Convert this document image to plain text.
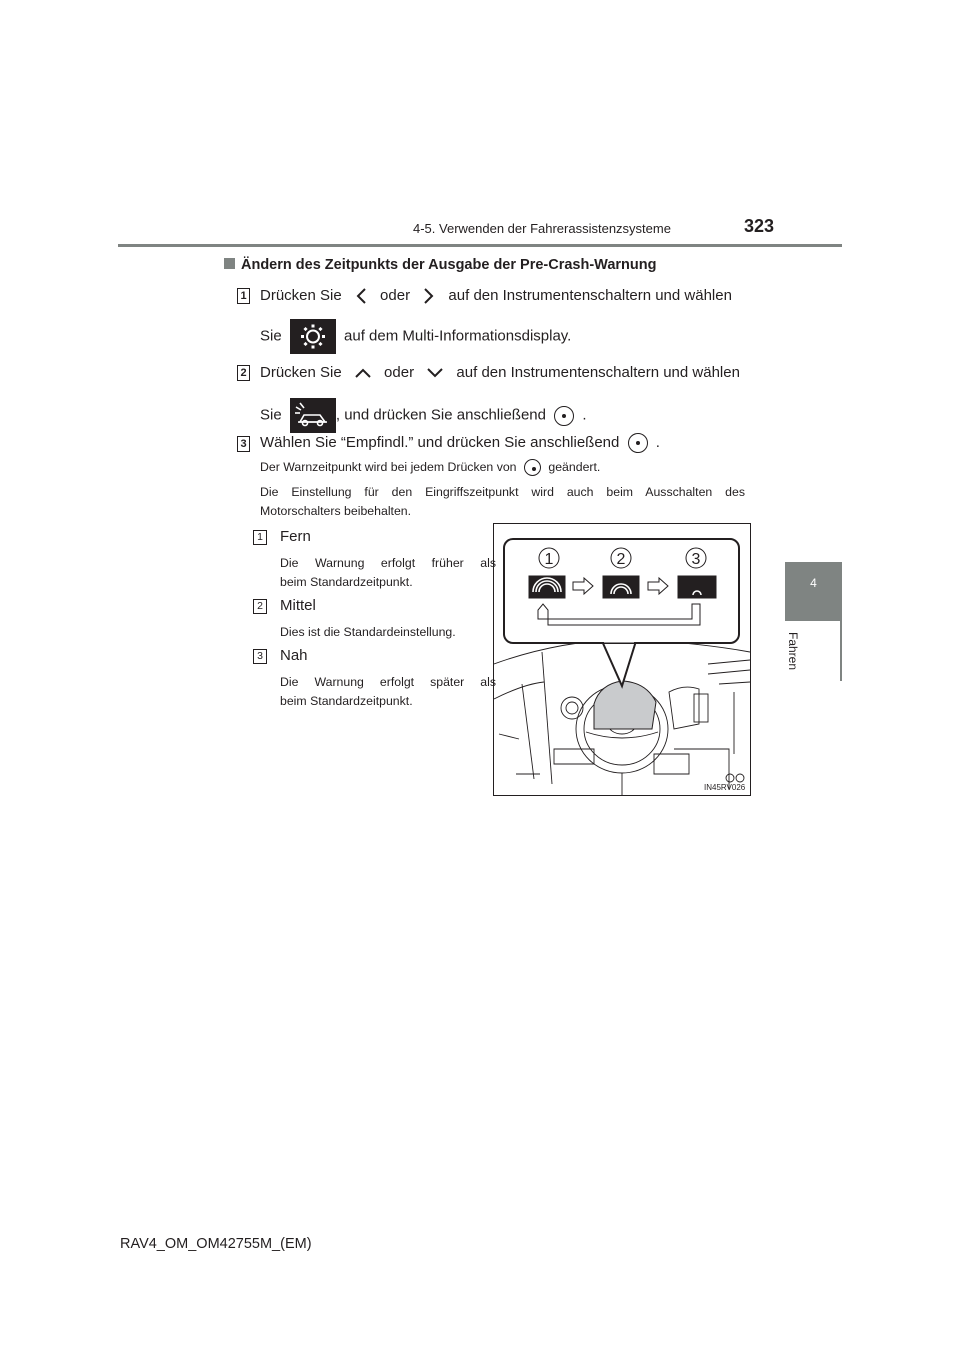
4-5. Verwenden der Fahrerassistenzsysteme	323
4
Fahren
Ändern des Zeitpunkts der Ausgabe der Pre-Crash-Warnung
1 Drücken Sie	oder	auf den Instrumentenschaltern und wählen
Sie	auf dem Multi-Informationsdisplay.
2 Drücken Sie	oder	auf den Instrumentenschaltern und wählen
Sie	, und drücken Sie anschließend .
3 Wählen Sie “Empfindl.” und drücken Sie anschließend .
Der Warnzeitpunkt wird bei jedem Drücken von	geändert.
Die Einstellung für den Eingriffszeitpunkt wird auch beim Ausschalten des
Motorschalters beibehalten.
1 Fern
Die Warnung erfolgt früher als
beim Standardzeitpunkt.
2 Mittel
Dies ist die Standardeinstellung.
3 Nah
Die Warnung erfolgt später als
beim Standardzeitpunkt.
1	2	3
IN45RV026
RAV4_OM_OM42755M_(EM)
